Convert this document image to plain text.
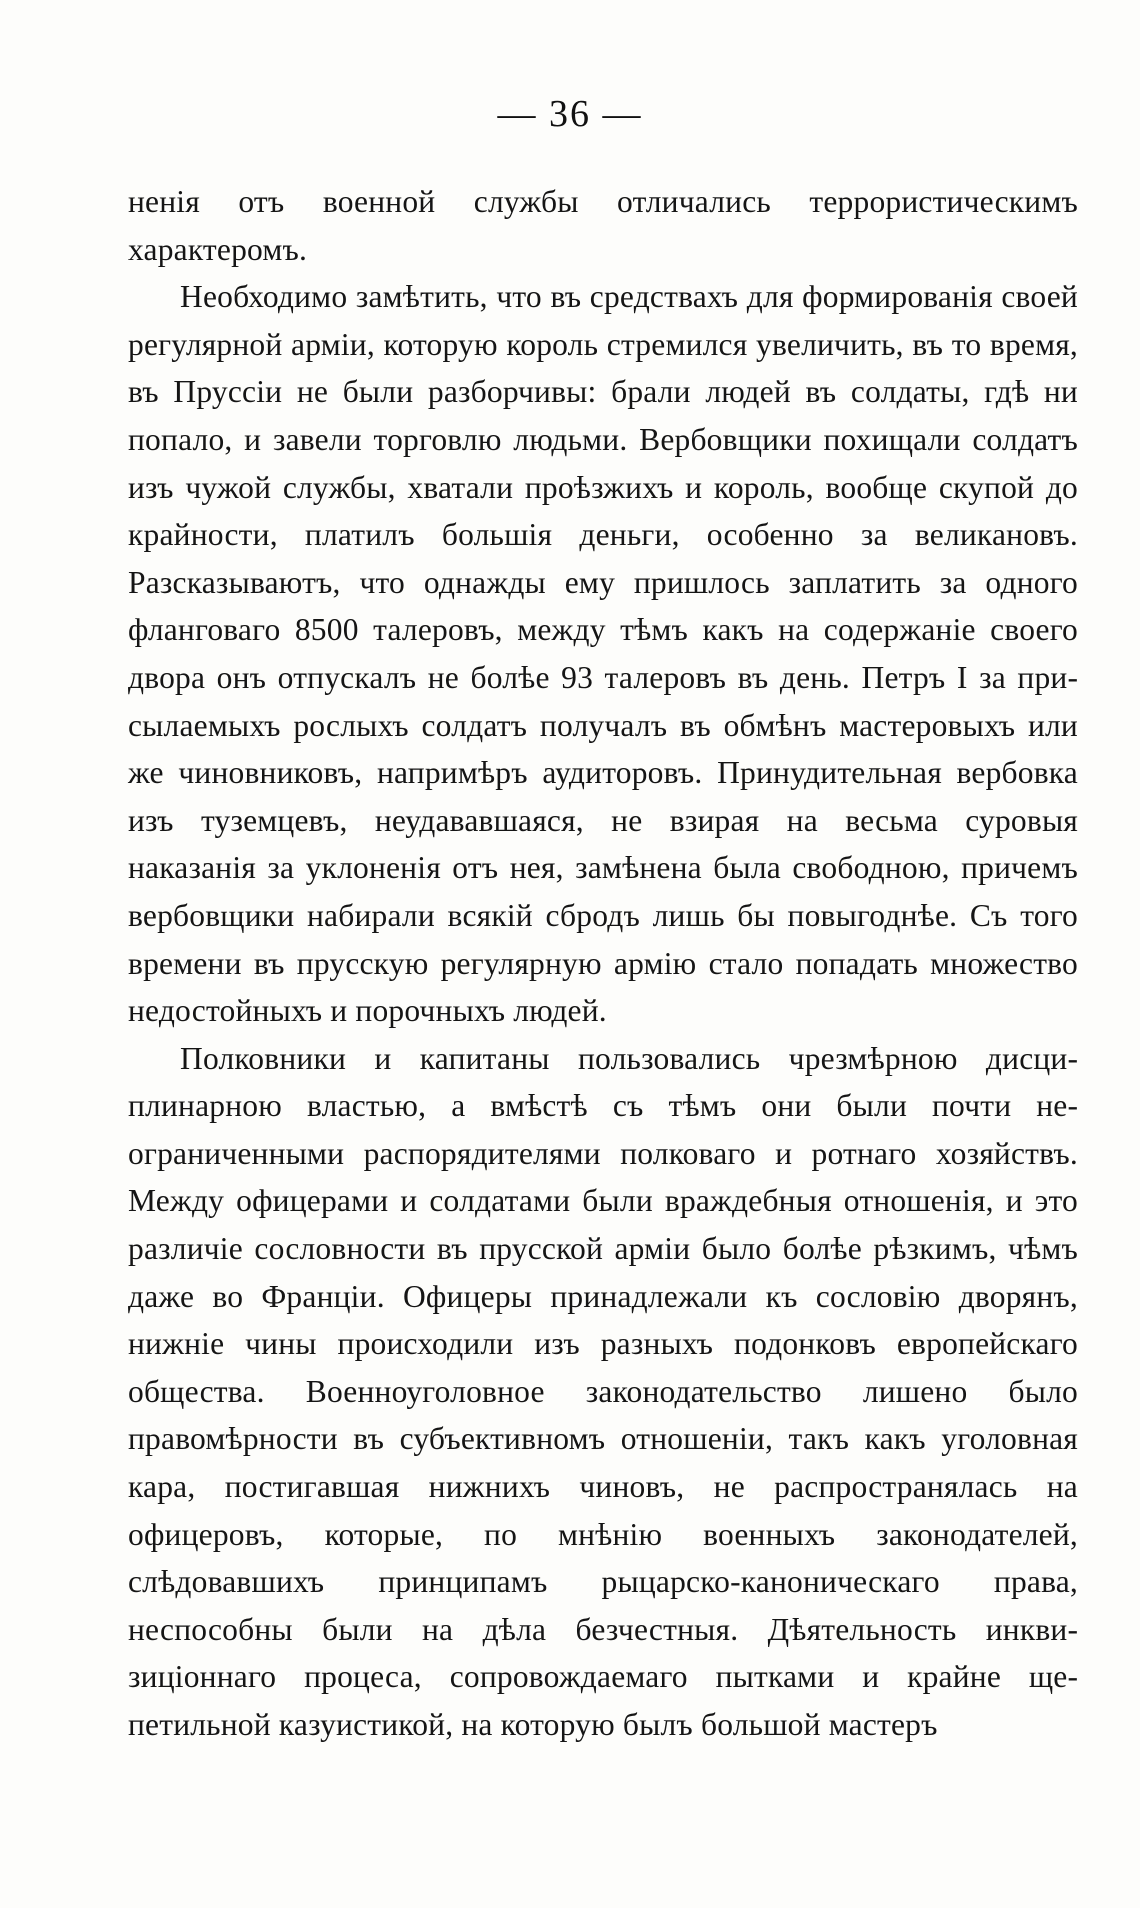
— 36 —

ненія отъ военной службы отличались террористическимъ характеромъ.

Необходимо замѣтить, что въ средствахъ для формированія своей регулярной арміи, которую король стремился увеличить, въ то время, въ Пруссіи не были разборчивы: брали людей въ солдаты, гдѣ ни попало, и завели торговлю людьми. Вербовщики похищали солдатъ изъ чужой службы, хватали проѣзжихъ и король, вообще скупой до крайности, платилъ большія деньги, особенно за великановъ. Разсказываютъ, что однажды ему пришлось заплатить за одного фланговаго 8500 талеровъ, между тѣмъ какъ на содержаніе своего двора онъ отпускалъ не болѣе 93 талеровъ въ день. Петръ I за присылаемыхъ рослыхъ солдатъ получалъ въ обмѣнъ мастеровыхъ или же чиновниковъ, напримѣръ аудиторовъ. Принудительная вербовка изъ туземцевъ, неудававшаяся, не взирая на весьма суровыя наказанія за уклоненія отъ нея, замѣнена была свободною, причемъ вербовщики набирали всякій сбродъ лишь бы повыгоднѣе. Съ того времени въ прусскую регулярную армію стало попадать множество недостойныхъ и порочныхъ людей.

Полковники и капитаны пользовались чрезмѣрною дисциплинарною властью, а вмѣстѣ съ тѣмъ они были почти неограниченными распорядителями полковаго и ротнаго хозяйствъ. Между офицерами и солдатами были враждебныя отношенія, и это различіе сословности въ прусской арміи было болѣе рѣзкимъ, чѣмъ даже во Франціи. Офицеры принадлежали къ сословію дворянъ, нижніе чины происходили изъ разныхъ подонковъ европейскаго общества. Военноуголовное законодательство лишено было правомѣрности въ субъективномъ отношеніи, такъ какъ уголовная кара, постигавшая нижнихъ чиновъ, не распространялась на офицеровъ, которые, по мнѣнію военныхъ законодателей, слѣдовавшихъ принципамъ рыцарско-каноническаго права, неспособны были на дѣла безчестныя. Дѣятельность инквизиціоннаго процеса, сопровождаемаго пытками и крайне щепетильной казуистикой, на которую былъ большой мастеръ
